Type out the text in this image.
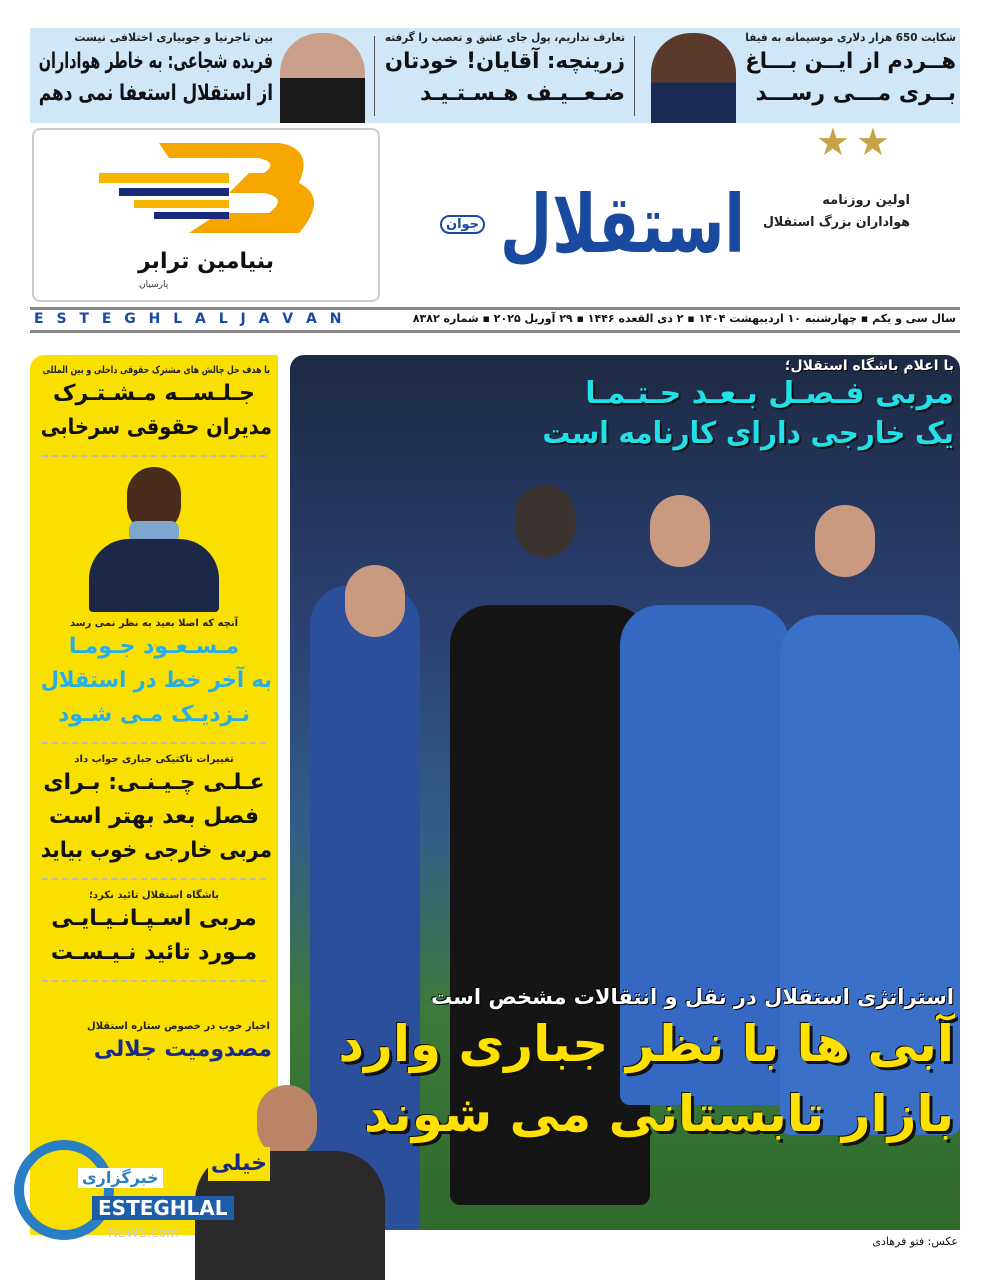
شکایت 650 هزار دلاری موسیمانه به فیفا
هــردم از ایــن بـــاغ
بــری مـــی رســـد
تعارف نداریم، پول جای عشق و تعصب را گرفته
زرینچه: آقایان! خودتان
ضـعــیـف هـسـتـیـد
بین تاجرنیا و جوبیاری اختلافی نیست
فریده شجاعی: به خاطر هواداران
از استقلال استعفا نمی دهم
★
★
استقلال	اولین روزنامه
هواداران بزرگ استقلال
جوان
بنیامین ترابر
پارسیان
سال سی و یکم ▪ چهارشنبه ۱۰ اردیبهشت ۱۴۰۴ ▪ ۲ ذی القعده ۱۴۴۶ ▪ ۲۹ آوریل ۲۰۲۵ ▪ شماره ۸۳۸۲
E S T E G H L A L J A V A N
خبرگزاری
ESTEGHLAL
NEWS.com
با هدف حل چالش های مشترک حقوقی داخلی و بین المللی
جـلـســه مـشـتـرک
مدیران حقوقی سرخابی
آنچه که اصلا بعید به نظر نمی رسد
مـسـعـود جـومـا
به آخر خط در استقلال
نـزدیـک مـی شـود
تغییرات تاکتیکی جباری جواب داد
عـلـی چـیـنـی: بـرای
فصل بعد بهتر است
مربی خارجی خوب بیاید
باشگاه استقلال تائید نکرد؛
مربی اسـپـانـیـایـی
مـورد تائید نـیـسـت
اخبار خوب در خصوص ستاره استقلال
مصدومیت جلالی
خیلی
با اعلام باشگاه استقلال؛
مربی فـصـل بـعـد حـتـمـا
یک خارجی دارای کارنامه است
استراتژی استقلال در نقل و انتقالات مشخص است
آبی ها با نظر جباری وارد
بازار تابستانی می شوند
عکس: فتو فرهادی
